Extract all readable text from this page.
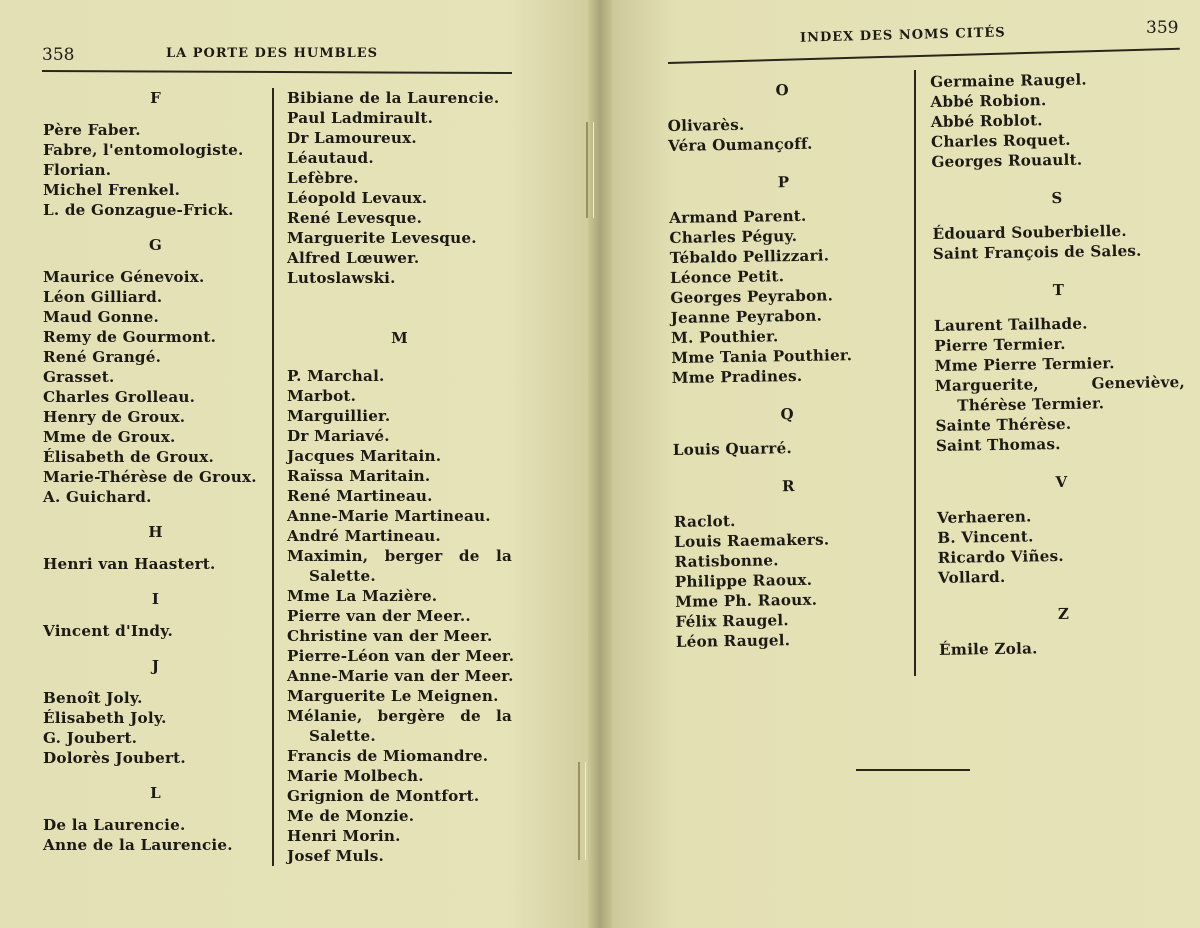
358	LA PORTE DES HUMBLES
INDEX DES NOMS CITÉS	359
F
Père Faber.
Fabre, l'entomologiste.
Florian.
Michel Frenkel.
L. de Gonzague-Frick.
G
Maurice Génevoix.
Léon Gilliard.
Maud Gonne.
Remy de Gourmont.
René Grangé.
Grasset.
Charles Grolleau.
Henry de Groux.
Mme de Groux.
Élisabeth de Groux.
Marie-Thérèse de Groux.
A. Guichard.
H
Henri van Haastert.
I
Vincent d'Indy.
J
Benoît Joly.
Élisabeth Joly.
G. Joubert.
Dolorès Joubert.
L
De la Laurencie.
Anne de la Laurencie.
Bibiane de la Laurencie.
Paul Ladmirault.
Dr Lamoureux.
Léautaud.
Lefèbre.
Léopold Levaux.
René Levesque.
Marguerite Levesque.
Alfred Lœuwer.
Lutoslawski.
M
P. Marchal.
Marbot.
Marguillier.
Dr Mariavé.
Jacques Maritain.
Raïssa Maritain.
René Martineau.
Anne-Marie Martineau.
André Martineau.
Maximin, berger de la
Salette.
Mme La Mazière.
Pierre van der Meer..
Christine van der Meer.
Pierre-Léon van der Meer.
Anne-Marie van der Meer.
Marguerite Le Meignen.
Mélanie, bergère de la
Salette.
Francis de Miomandre.
Marie Molbech.
Grignion de Montfort.
Me de Monzie.
Henri Morin.
Josef Muls.
O
Olivarès.
Véra Oumançoff.
P
Armand Parent.
Charles Péguy.
Tébaldo Pellizzari.
Léonce Petit.
Georges Peyrabon.
Jeanne Peyrabon.
M. Pouthier.
Mme Tania Pouthier.
Mme Pradines.
Q
Louis Quarré.
R
Raclot.
Louis Raemakers.
Ratisbonne.
Philippe Raoux.
Mme Ph. Raoux.
Félix Raugel.
Léon Raugel.
Germaine Raugel.
Abbé Robion.
Abbé Roblot.
Charles Roquet.
Georges Rouault.
S
Édouard Souberbielle.
Saint François de Sales.
T
Laurent Tailhade.
Pierre Termier.
Mme Pierre Termier.
Marguerite,	Geneviève,
Thérèse Termier.
Sainte Thérèse.
Saint Thomas.
V
Verhaeren.
B. Vincent.
Ricardo Viñes.
Vollard.
Z
Émile Zola.
